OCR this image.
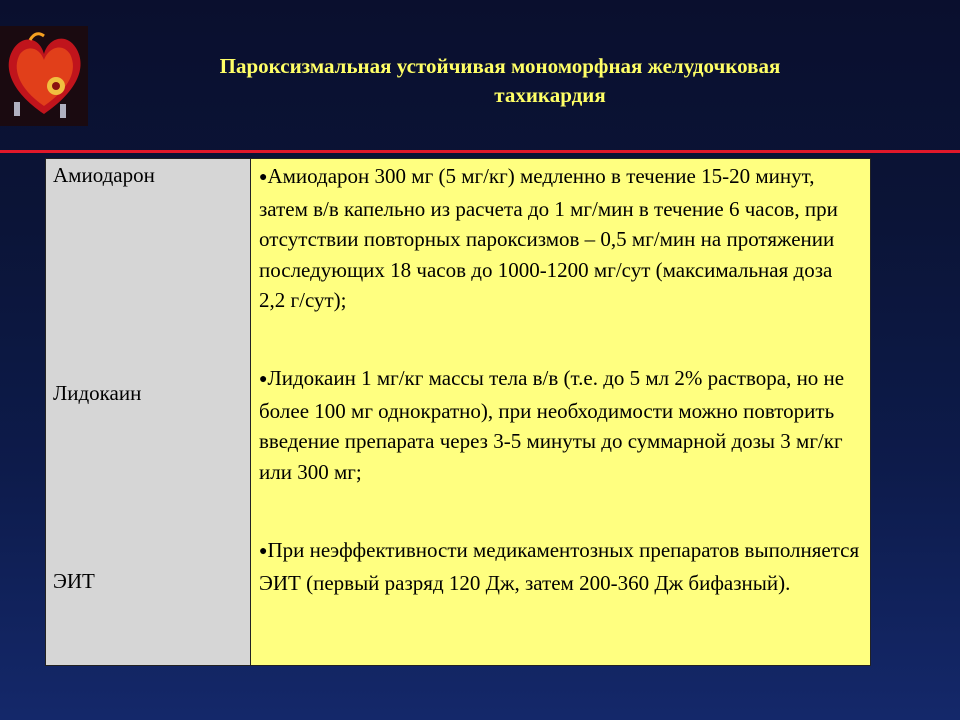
Пароксизмальная устойчивая мономорфная желудочковая
тахикардия
Амиодарон
Лидокаин
ЭИТ
●Амиодарон 300 мг (5 мг/кг) медленно в течение 15-20 минут, затем в/в капельно из расчета до 1 мг/мин в течение 6 часов, при отсутствии повторных пароксизмов – 0,5 мг/мин на протяжении последующих 18 часов до 1000-1200 мг/сут (максимальная доза 2,2 г/сут);
●Лидокаин 1 мг/кг массы тела в/в (т.е. до 5 мл 2% раствора, но не более 100 мг однократно), при необходимости можно повторить введение препарата через 3-5 минуты до суммарной дозы 3 мг/кг или 300 мг;
●При неэффективности медикаментозных препаратов выполняется ЭИТ (первый разряд 120 Дж, затем 200-360 Дж бифазный).
